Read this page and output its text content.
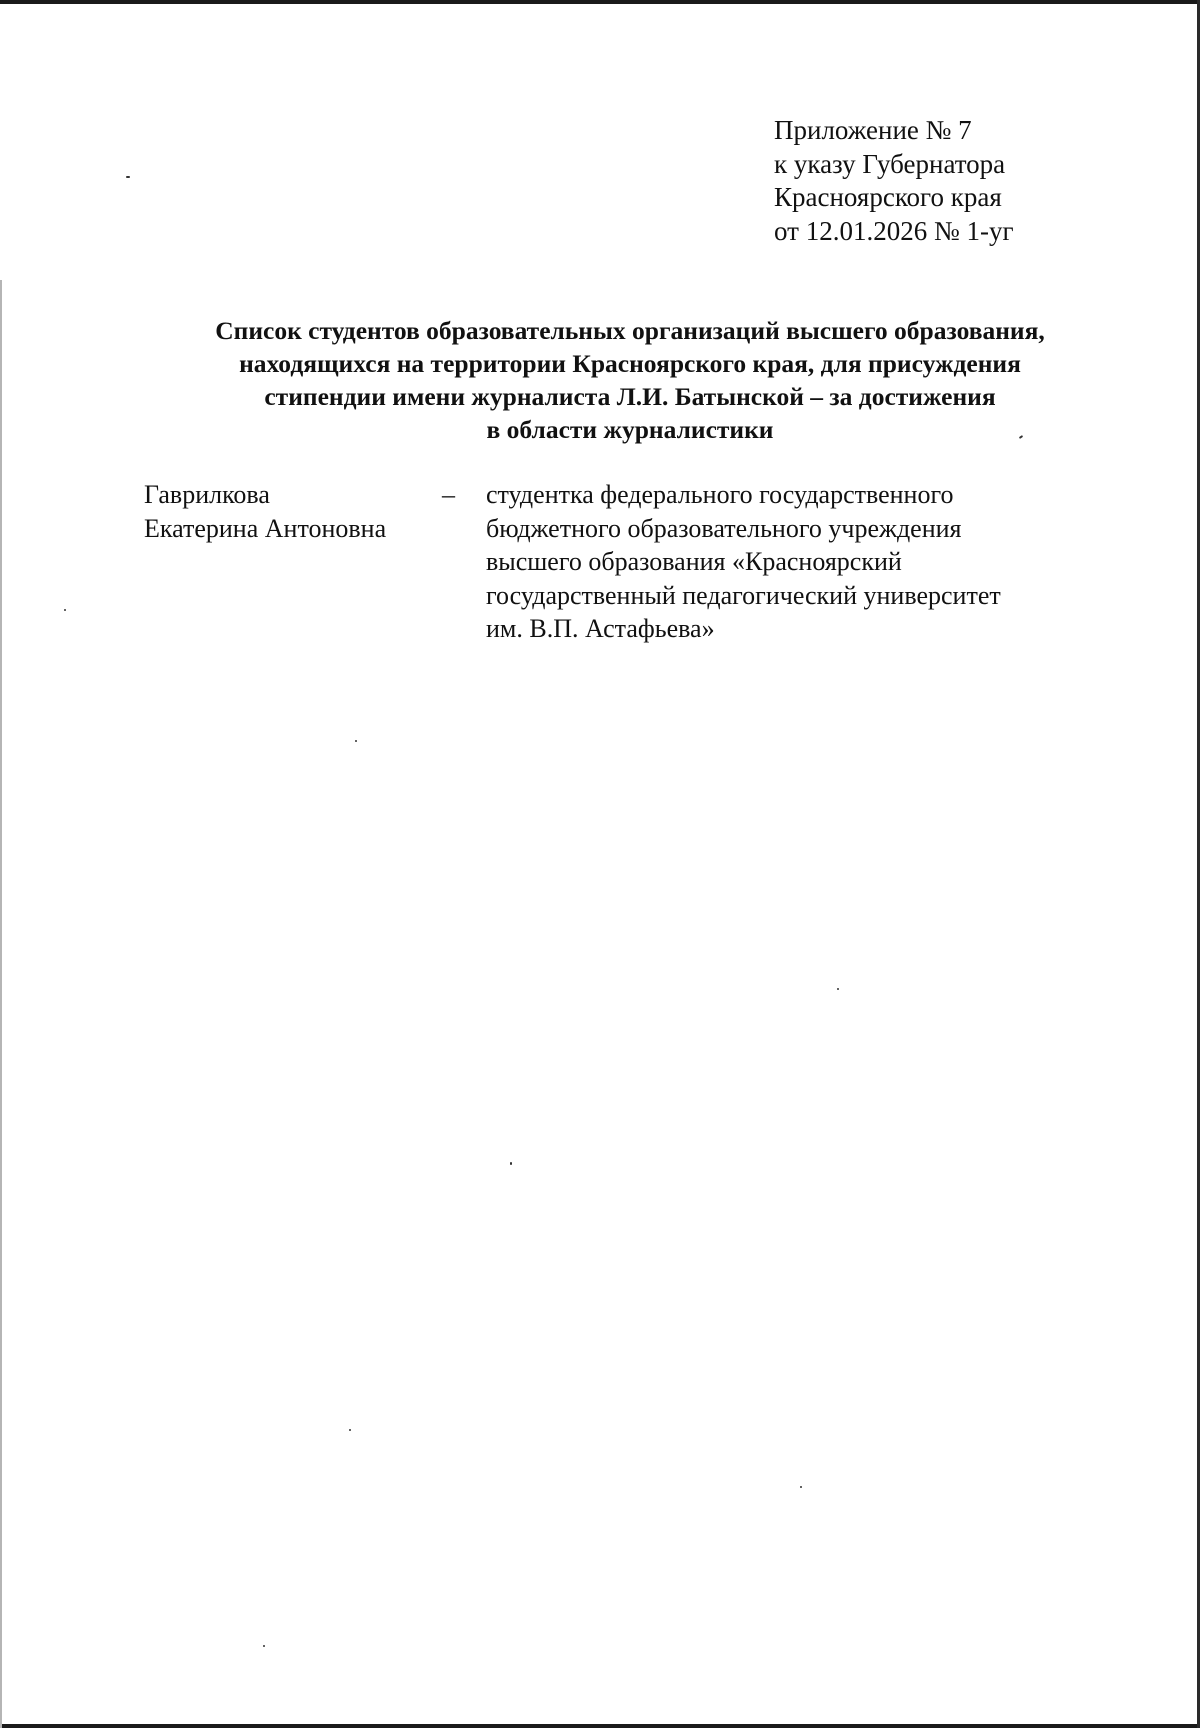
Приложение № 7
к указу Губернатора
Красноярского края
от 12.01.2026 № 1-уг
Список студентов образовательных организаций высшего образования,
находящихся на территории Красноярского края, для присуждения
стипендии имени журналиста Л.И. Батынской – за достижения
в области журналистики
Гаврилкова
Екатерина Антоновна
– студентка федерального государственного
бюджетного образовательного учреждения
высшего образования «Красноярский
государственный педагогический университет
им. В.П. Астафьева»
